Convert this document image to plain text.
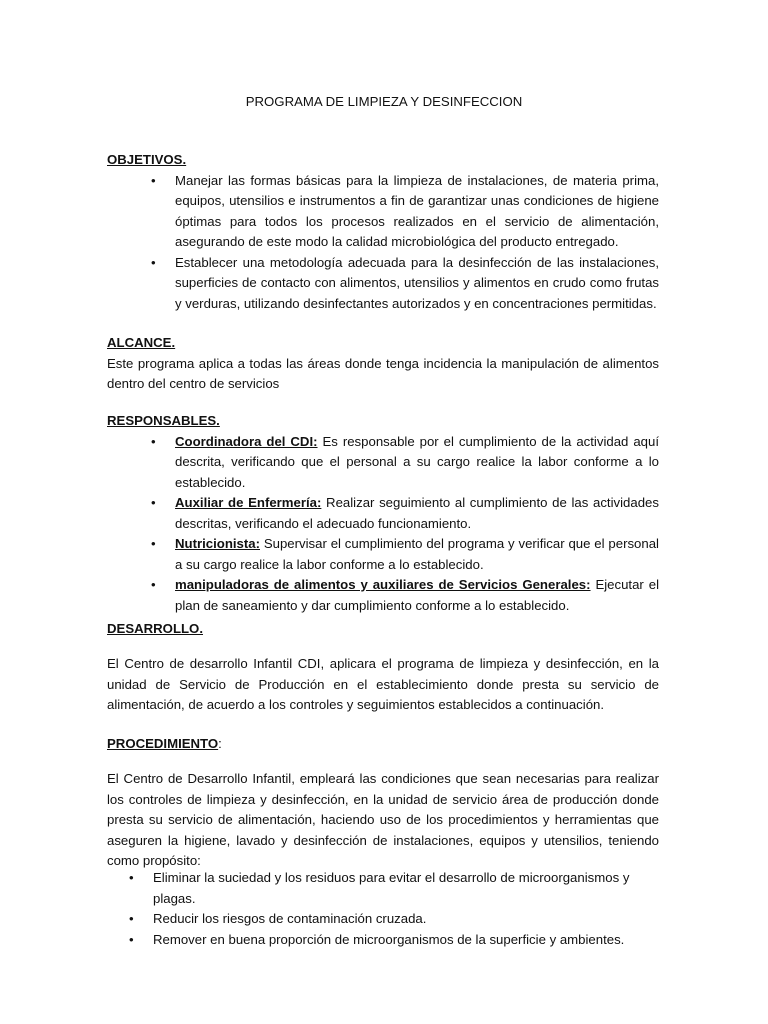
PROGRAMA DE LIMPIEZA Y DESINFECCION
OBJETIVOS.
• Manejar las formas básicas para la limpieza de instalaciones, de materia prima, equipos, utensilios e instrumentos a fin de garantizar unas condiciones de higiene óptimas para todos los procesos realizados en el servicio de alimentación, asegurando de este modo la calidad microbiológica del producto entregado.
• Establecer una metodología adecuada para la desinfección de las instalaciones, superficies de contacto con alimentos, utensilios y alimentos en crudo como frutas y verduras, utilizando desinfectantes autorizados y en concentraciones permitidas.
ALCANCE.

Este programa aplica a todas las áreas donde tenga incidencia la manipulación de alimentos dentro del centro de servicios

RESPONSABLES.
• Coordinadora del CDI: Es responsable por el cumplimiento de la actividad aquí descrita, verificando que el personal a su cargo realice la labor conforme a lo establecido.
• Auxiliar de Enfermería: Realizar seguimiento al cumplimiento de las actividades descritas, verificando el adecuado funcionamiento.
• Nutricionista: Supervisar el cumplimiento del programa y verificar que el personal a su cargo realice la labor conforme a lo establecido.
• manipuladoras de alimentos y auxiliares de Servicios Generales: Ejecutar el plan de saneamiento y dar cumplimiento conforme a lo establecido.
DESARROLLO.

El Centro de desarrollo Infantil CDI, aplicara el programa de limpieza y desinfección, en la unidad de Servicio de Producción en el establecimiento donde presta su servicio de alimentación, de acuerdo a los controles y seguimientos establecidos a continuación.

PROCEDIMIENTO:

El Centro de Desarrollo Infantil, empleará las condiciones que sean necesarias para realizar los controles de limpieza y desinfección, en la unidad de servicio área de producción donde presta su servicio de alimentación, haciendo uso de los procedimientos y herramientas que aseguren la higiene, lavado y desinfección de instalaciones, equipos y utensilios, teniendo como propósito:

• Eliminar la suciedad y los residuos para evitar el desarrollo de microorganismos y plagas.
• Reducir los riesgos de contaminación cruzada.
• Remover en buena proporción de microorganismos de la superficie y ambientes.
